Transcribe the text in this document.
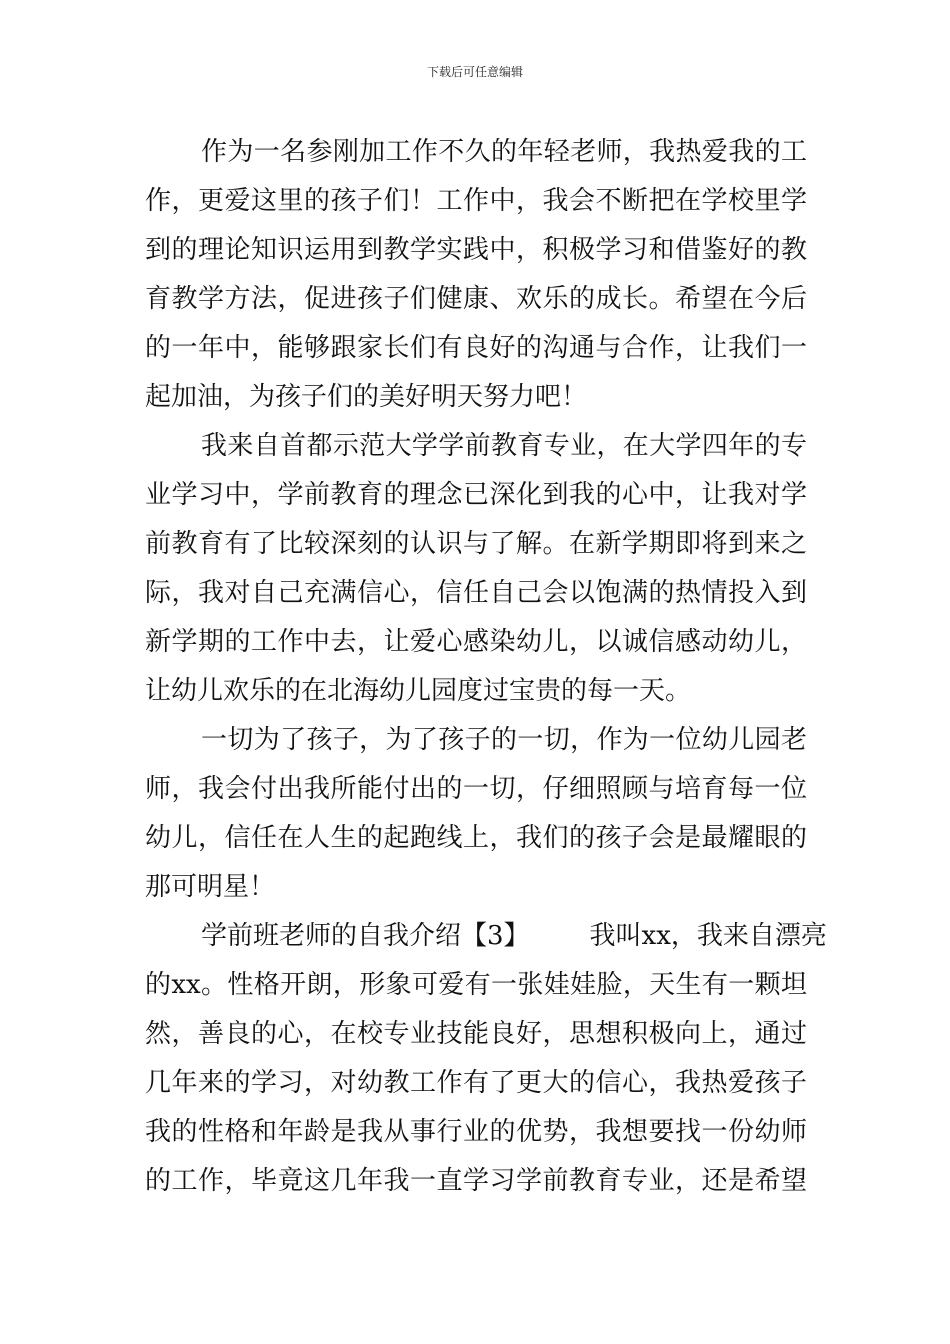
下载后可任意编辑
作为一名参刚加工作不久的年轻老师，我热爱我的工
作，更爱这里的孩子们！工作中，我会不断把在学校里学
到的理论知识运用到教学实践中，积极学习和借鉴好的教
育教学方法，促进孩子们健康、欢乐的成长。希望在今后
的一年中，能够跟家长们有良好的沟通与合作，让我们一
起加油，为孩子们的美好明天努力吧！
我来自首都示范大学学前教育专业，在大学四年的专
业学习中，学前教育的理念已深化到我的心中，让我对学
前教育有了比较深刻的认识与了解。在新学期即将到来之
际，我对自己充满信心，信任自己会以饱满的热情投入到
新学期的工作中去，让爱心感染幼儿，以诚信感动幼儿，
让幼儿欢乐的在北海幼儿园度过宝贵的每一天。
一切为了孩子，为了孩子的一切，作为一位幼儿园老
师，我会付出我所能付出的一切，仔细照顾与培育每一位
幼儿，信任在人生的起跑线上，我们的孩子会是最耀眼的
那可明星！
学前班老师的自我介绍【3】 我叫xx，我来自漂亮
的xx。性格开朗，形象可爱有一张娃娃脸，天生有一颗坦
然，善良的心，在校专业技能良好，思想积极向上，通过
几年来的学习，对幼教工作有了更大的信心，我热爱孩子
我的性格和年龄是我从事行业的优势，我想要找一份幼师
的工作，毕竟这几年我一直学习学前教育专业，还是希望
